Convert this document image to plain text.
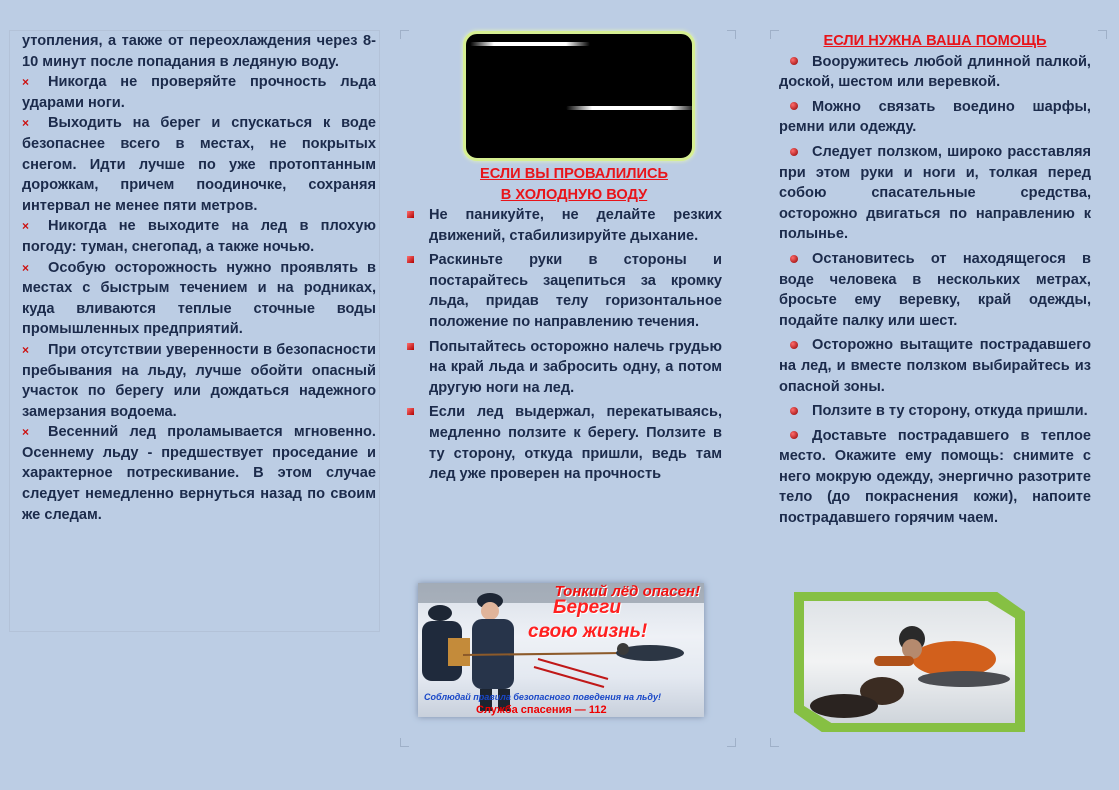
утопления, а также от переохлаждения через 8-10 минут после попадания в ледяную воду.

× Никогда не проверяйте прочность льда ударами ноги.

× Выходить на берег и спускаться к воде безопаснее всего в местах, не покрытых снегом. Идти лучше по уже протоптанным дорожкам, причем поодиночке, сохраняя интервал не менее пяти метров.

× Никогда не выходите на лед в плохую погоду: туман, снегопад, а также ночью.

× Особую осторожность нужно проявлять в местах с быстрым течением и на родниках, куда вливаются теплые сточные воды промышленных предприятий.

× При отсутствии уверенности в безопасности пребывания на льду, лучше обойти опасный участок по берегу или дождаться надежного замерзания водоема.

× Весенний лед проламывается мгновенно. Осеннему льду - предшествует проседание и характерное потрескивание. В этом случае следует немедленно вернуться назад по своим же следам.

ЕСЛИ ВЫ ПРОВАЛИЛИСЬ

В ХОЛОДНУЮ ВОДУ

Не паникуйте, не делайте резких движений, стабилизируйте дыхание.

Раскиньте руки в стороны и постарайтесь зацепиться за кромку льда, придав телу горизонтальное положение по направлению течения.

Попытайтесь осторожно налечь грудью на край льда и забросить одну, а потом другую ноги на лед.

Если лед выдержал, перекатываясь, медленно ползите к берегу. Ползите в ту сторону, откуда пришли, ведь там лед уже проверен на прочность

Тонкий лёд опасен!
Береги
свою жизнь!
Соблюдай правила безопасного поведения на льду!
Служба спасения — 112

ЕСЛИ НУЖНА ВАША ПОМОЩЬ

Вооружитесь любой длинной палкой, доской, шестом или веревкой.

Можно связать воедино шарфы, ремни или одежду.

Следует ползком, широко расставляя при этом руки и ноги и, толкая перед собою спасательные средства, осторожно двигаться по направлению к полынье.

Остановитесь от находящегося в воде человека в нескольких метрах, бросьте ему веревку, край одежды, подайте палку или шест.

Осторожно вытащите пострадавшего на лед, и вместе ползком выбирайтесь из опасной зоны.

Ползите в ту сторону, откуда пришли.

Доставьте пострадавшего в теплое место. Окажите ему помощь: снимите с него мокрую одежду, энергично разотрите тело (до покраснения кожи), напоите пострадавшего горячим чаем.
